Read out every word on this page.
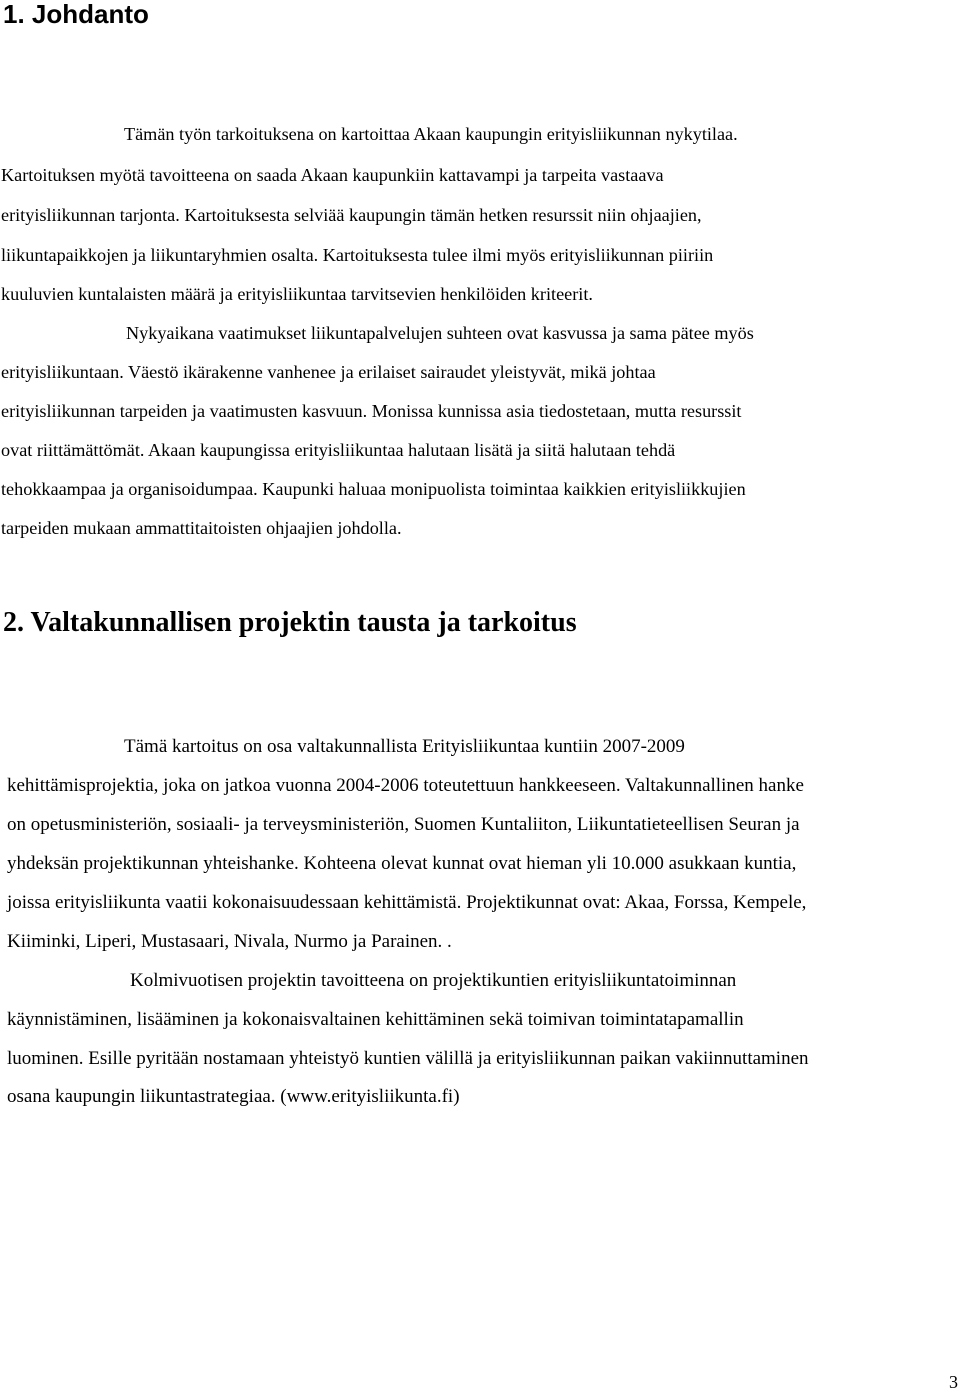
1. Johdanto

Tämän työn tarkoituksena on kartoittaa Akaan kaupungin erityisliikunnan nykytilaa.

Kartoituksen myötä tavoitteena on saada Akaan kaupunkiin kattavampi ja tarpeita vastaava

erityisliikunnan tarjonta. Kartoituksesta selviää kaupungin tämän hetken resurssit niin ohjaajien,

liikuntapaikkojen ja liikuntaryhmien osalta. Kartoituksesta tulee ilmi myös erityisliikunnan piiriin

kuuluvien kuntalaisten määrä ja erityisliikuntaa tarvitsevien henkilöiden kriteerit.

Nykyaikana vaatimukset liikuntapalvelujen suhteen ovat kasvussa ja sama pätee myös

erityisliikuntaan. Väestö ikärakenne vanhenee ja erilaiset sairaudet yleistyvät, mikä johtaa

erityisliikunnan tarpeiden ja vaatimusten kasvuun. Monissa kunnissa asia tiedostetaan, mutta resurssit

ovat riittämättömät. Akaan kaupungissa erityisliikuntaa halutaan lisätä ja siitä halutaan tehdä

tehokkaampaa ja organisoidumpaa. Kaupunki haluaa monipuolista toimintaa kaikkien erityisliikkujien

tarpeiden mukaan ammattitaitoisten ohjaajien johdolla.

2. Valtakunnallisen projektin tausta ja tarkoitus

Tämä kartoitus on osa valtakunnallista Erityisliikuntaa kuntiin 2007-2009

kehittämisprojektia, joka on jatkoa vuonna 2004-2006 toteutettuun hankkeeseen. Valtakunnallinen hanke

on opetusministeriön, sosiaali- ja terveysministeriön, Suomen Kuntaliiton, Liikuntatieteellisen Seuran ja

yhdeksän projektikunnan yhteishanke. Kohteena olevat kunnat ovat hieman yli 10.000 asukkaan kuntia,

joissa erityisliikunta vaatii kokonaisuudessaan kehittämistä. Projektikunnat ovat: Akaa, Forssa, Kempele,

Kiiminki, Liperi, Mustasaari, Nivala, Nurmo ja Parainen. .

Kolmivuotisen projektin tavoitteena on projektikuntien erityisliikuntatoiminnan

käynnistäminen, lisääminen ja kokonaisvaltainen kehittäminen sekä toimivan toimintatapamallin

luominen. Esille pyritään nostamaan yhteistyö kuntien välillä ja erityisliikunnan paikan vakiinnuttaminen

osana kaupungin liikuntastrategiaa. (www.erityisliikunta.fi)

3
